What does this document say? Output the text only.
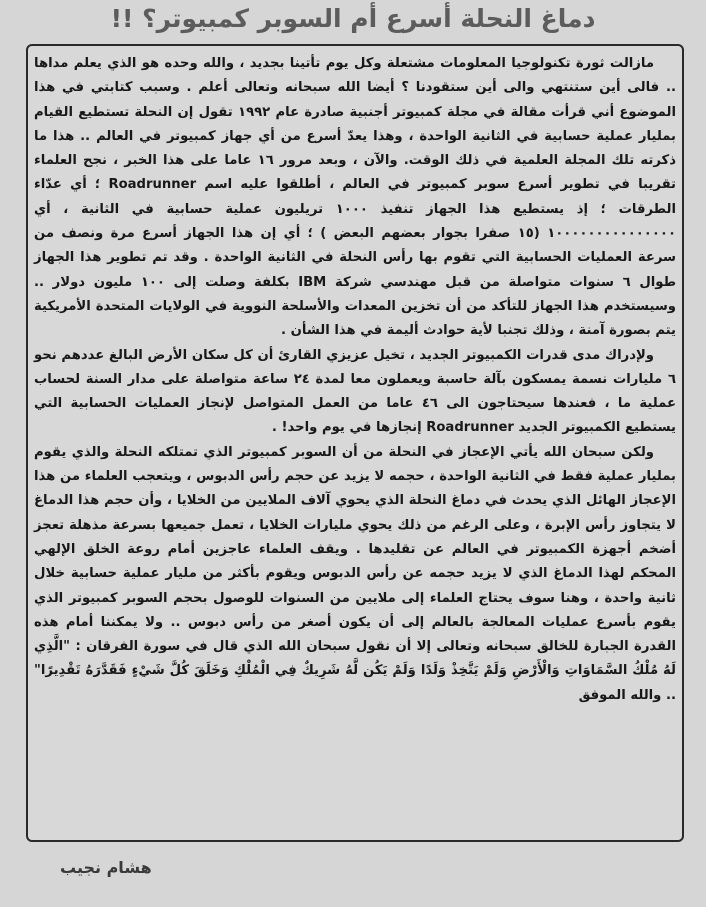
دماغ النحلة أسرع أم السوبر كمبيوتر؟ !!

مازالت ثورة تكنولوجيا المعلومات مشتعلة وكل يوم تأتينا بجديد ، والله وحده هو الذي يعلم مداها .. فالى أين ستنتهي والى أين ستقودنا ؟ أيضا الله سبحانه وتعالى أعلم . وسبب كتابتي في هذا الموضوع أني قرأت مقالة في مجلة كمبيوتر أجنبية صادرة عام ١٩٩٢ تقول إن النحلة تستطيع القيام بمليار عملية حسابية في الثانية الواحدة ، وهذا يعدّ أسرع من أي جهاز كمبيوتر في العالم .. هذا ما ذكرته تلك المجلة العلمية في ذلك الوقت. والآن ، وبعد مرور ١٦ عاما على هذا الخبر ، نجح العلماء تقريبا في تطوير أسرع سوبر كمبيوتر في العالم ، أطلقوا عليه اسم Roadrunner ؛ أي عدّاء الطرقات ؛ إذ يستطيع هذا الجهاز تنفيذ ١٠٠٠ تريليون عملية حسابية في الثانية ، أي ١٠٠٠٠٠٠٠٠٠٠٠٠٠٠٠ (١٥ صفرا بجوار بعضهم البعض ) ؛ أي إن هذا الجهاز أسرع مرة ونصف من سرعة العمليات الحسابية التي تقوم بها رأس النحلة في الثانية الواحدة . وقد تم تطوير هذا الجهاز طوال ٦ سنوات متواصلة من قبل مهندسي شركة IBM بكلفة وصلت إلى ١٠٠ مليون دولار .. وسيستخدم هذا الجهاز للتأكد من أن تخزين المعدات والأسلحة النووية في الولايات المتحدة الأمريكية يتم بصورة آمنة ، وذلك تجنبا لأية حوادث أليمة في هذا الشأن .

ولإدراك مدى قدرات الكمبيوتر الجديد ، تخيل عزيزي القارئ أن كل سكان الأرض البالغ عددهم نحو ٦ مليارات نسمة يمسكون بآلة حاسبة ويعملون معا لمدة ٢٤ ساعة متواصلة على مدار السنة لحساب عملية ما ، فعندها سيحتاجون الى ٤٦ عاما من العمل المتواصل لإنجاز العمليات الحسابية التي يستطيع الكمبيوتر الجديد Roadrunner إنجازها في يوم واحد! .

ولكن سبحان الله يأتي الإعجاز في النحلة من أن السوبر كمبيوتر الذي تمتلكه النحلة والذي يقوم بمليار عملية فقط في الثانية الواحدة ، حجمه لا يزيد عن حجم رأس الدبوس ، ويتعجب العلماء من هذا الإعجاز الهائل الذي يحدث في دماغ النحلة الذي يحوي آلاف الملايين من الخلايا ، وأن حجم هذا الدماغ لا يتجاوز رأس الإبرة ، وعلى الرغم من ذلك يحوي مليارات الخلايا ، تعمل جميعها بسرعة مذهلة تعجز أضخم أجهزة الكمبيوتر في العالم عن تقليدها . ويقف العلماء عاجزين أمام روعة الخلق الإلهي المحكم لهذا الدماغ الذي لا يزيد حجمه عن رأس الدبوس ويقوم بأكثر من مليار عملية حسابية خلال ثانية واحدة ، وهنا سوف يحتاج العلماء إلى ملايين من السنوات للوصول بحجم السوبر كمبيوتر الذي يقوم بأسرع عمليات المعالجة بالعالم إلى أن يكون أصغر من رأس دبوس .. ولا يمكننا أمام هذه القدرة الجبارة للخالق سبحانه وتعالى إلا أن نقول سبحان الله الذي قال في سورة الفرقان : "الَّذِي لَهُ مُلْكُ السَّمَاوَاتِ وَالْأَرْضِ وَلَمْ يَتَّخِذْ وَلَدًا وَلَمْ يَكُن لَّهُ شَرِيكٌ فِي الْمُلْكِ وَخَلَقَ كُلَّ شَيْءٍ فَقَدَّرَهُ تَقْدِيرًا" .. والله الموفق

هشام نجيب
